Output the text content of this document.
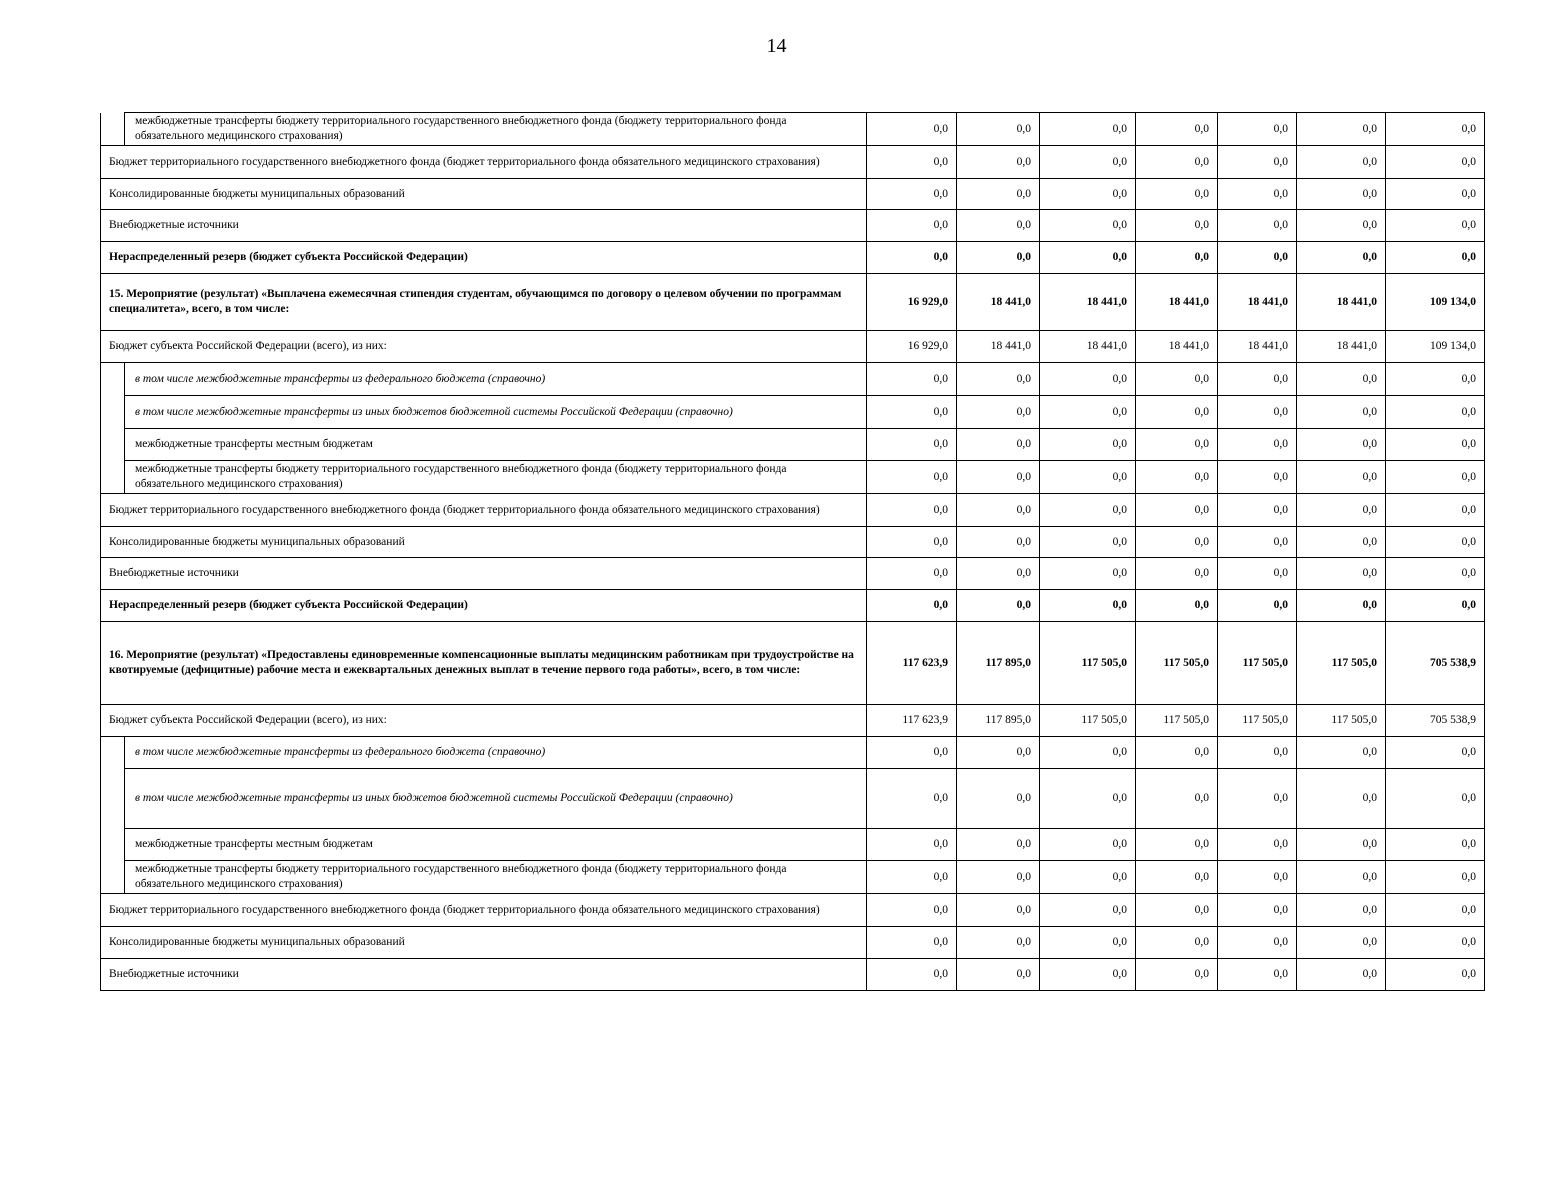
14
	межбюджетные трансферты бюджету территориального государственного внебюджетного фонда (бюджету территориального фонда обязательного медицинского страхования)	0,0	0,0	0,0	0,0	0,0	0,0	0,0
Бюджет территориального государственного внебюджетного фонда (бюджет территориального фонда обязательного медицинского страхования)		0,0	0,0	0,0	0,0	0,0	0,0	0,0
Консолидированные бюджеты муниципальных образований		0,0	0,0	0,0	0,0	0,0	0,0	0,0
Внебюджетные источники		0,0	0,0	0,0	0,0	0,0	0,0	0,0
Нераспределенный резерв (бюджет субъекта Российской Федерации)		0,0	0,0	0,0	0,0	0,0	0,0	0,0
15. Мероприятие (результат) «Выплачена ежемесячная стипендия студентам, обучающимся по договору о целевом обучении по программам специалитета», всего, в том числе:		16 929,0	18 441,0	18 441,0	18 441,0	18 441,0	18 441,0	109 134,0
Бюджет субъекта Российской Федерации (всего), из них:		16 929,0	18 441,0	18 441,0	18 441,0	18 441,0	18 441,0	109 134,0
	в том числе межбюджетные трансферты из федерального бюджета (справочно)	0,0	0,0	0,0	0,0	0,0	0,0	0,0
	в том числе межбюджетные трансферты из иных бюджетов бюджетной системы Российской Федерации (справочно)	0,0	0,0	0,0	0,0	0,0	0,0	0,0
	межбюджетные трансферты местным бюджетам	0,0	0,0	0,0	0,0	0,0	0,0	0,0
	межбюджетные трансферты бюджету территориального государственного внебюджетного фонда (бюджету территориального фонда обязательного медицинского страхования)	0,0	0,0	0,0	0,0	0,0	0,0	0,0
Бюджет территориального государственного внебюджетного фонда (бюджет территориального фонда обязательного медицинского страхования)		0,0	0,0	0,0	0,0	0,0	0,0	0,0
Консолидированные бюджеты муниципальных образований		0,0	0,0	0,0	0,0	0,0	0,0	0,0
Внебюджетные источники		0,0	0,0	0,0	0,0	0,0	0,0	0,0
Нераспределенный резерв (бюджет субъекта Российской Федерации)		0,0	0,0	0,0	0,0	0,0	0,0	0,0
16. Мероприятие (результат) «Предоставлены единовременные компенсационные выплаты медицинским работникам при трудоустройстве на квотируемые (дефицитные) рабочие места и ежеквартальных денежных выплат в течение первого года работы», всего, в том числе:		117 623,9	117 895,0	117 505,0	117 505,0	117 505,0	117 505,0	705 538,9
Бюджет субъекта Российской Федерации (всего), из них:		117 623,9	117 895,0	117 505,0	117 505,0	117 505,0	117 505,0	705 538,9
	в том числе межбюджетные трансферты из федерального бюджета (справочно)	0,0	0,0	0,0	0,0	0,0	0,0	0,0
	в том числе межбюджетные трансферты из иных бюджетов бюджетной системы Российской Федерации (справочно)	0,0	0,0	0,0	0,0	0,0	0,0	0,0
	межбюджетные трансферты местным бюджетам	0,0	0,0	0,0	0,0	0,0	0,0	0,0
	межбюджетные трансферты бюджету территориального государственного внебюджетного фонда (бюджету территориального фонда обязательного медицинского страхования)	0,0	0,0	0,0	0,0	0,0	0,0	0,0
Бюджет территориального государственного внебюджетного фонда (бюджет территориального фонда обязательного медицинского страхования)		0,0	0,0	0,0	0,0	0,0	0,0	0,0
Консолидированные бюджеты муниципальных образований		0,0	0,0	0,0	0,0	0,0	0,0	0,0
Внебюджетные источники		0,0	0,0	0,0	0,0	0,0	0,0	0,0
